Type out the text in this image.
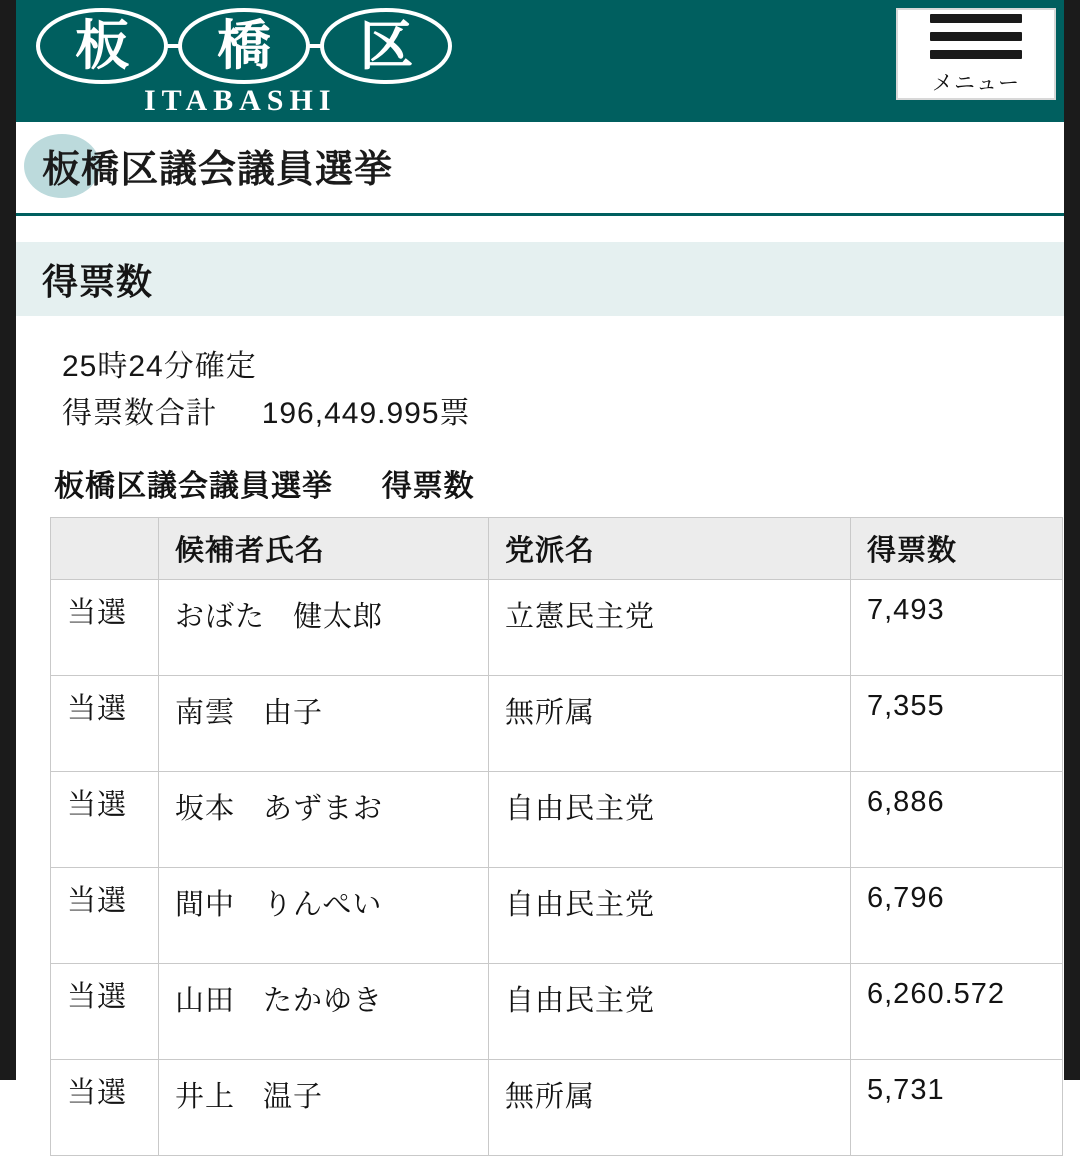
板 橋 区
ITABASHI
メニュー
板橋区議会議員選挙
得票数
25時24分確定
得票数合計 196,449.995票
板橋区議会議員選挙 得票数
	候補者氏名	党派名	得票数
当選	おばた 健太郎	立憲民主党	7,493
当選	南雲 由子	無所属	7,355
当選	坂本 あずまお	自由民主党	6,886
当選	間中 りんぺい	自由民主党	6,796
当選	山田 たかゆき	自由民主党	6,260.572
当選	井上 温子	無所属	5,731
